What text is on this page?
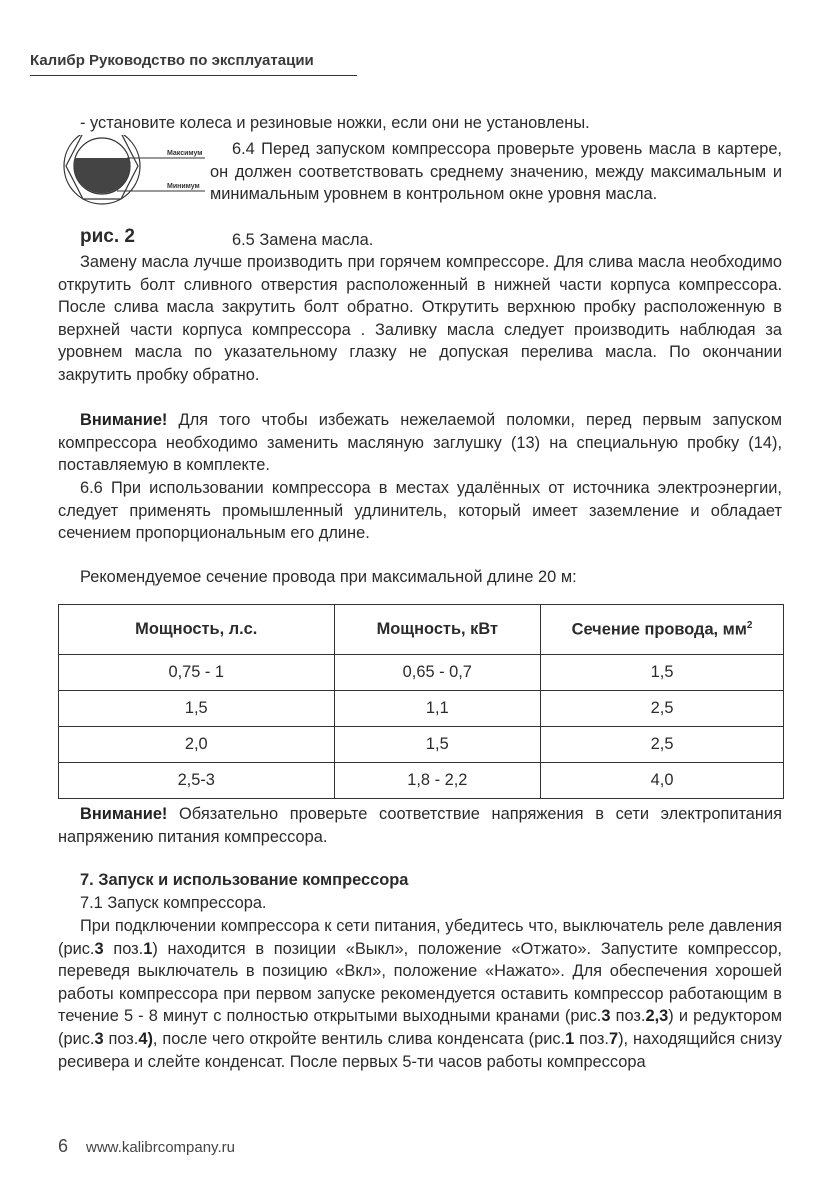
Калибр Руководство по эксплуатации
- установите колеса и резиновые ножки, если они не установлены.
Максимум
Минимум
рис. 2
6.4 Перед запуском компрессора проверьте уровень масла в картере, он должен соответствовать среднему значению, между максимальным и минимальным уровнем в контрольном окне уровня масла.
6.5 Замена масла.
Замену масла лучше производить при горячем компрессоре. Для слива масла необходимо открутить болт сливного отверстия расположенный в нижней части корпуса компрессора. После слива масла закрутить болт обратно. Открутить верхнюю пробку расположенную в верхней части корпуса компрессора . Заливку масла следует производить наблюдая за уровнем масла по указательному глазку не допуская перелива масла. По окончании закрутить пробку обратно.
Внимание! Для того чтобы избежать нежелаемой поломки, перед первым запуском компрессора необходимо заменить масляную заглушку (13) на специальную пробку (14), поставляемую в комплекте.
6.6 При использовании компрессора в местах удалённых от источника электроэнергии, следует применять промышленный удлинитель, который имеет заземление и обладает сечением пропорциональным его длине.
Рекомендуемое сечение провода при максимальной длине 20 м:
Мощность, л.с.	Мощность, кВт	Сечение провода, $мм^2$
0,75 - 1	0,65 - 0,7	1,5
1,5	1,1	2,5
2,0	1,5	2,5
2,5-3	1,8 - 2,2	4,0
Внимание! Обязательно проверьте соответствие напряжения в сети электропитания напряжению питания компрессора.
7. Запуск и использование компрессора
7.1 Запуск компрессора.
При подключении компрессора к сети питания, убедитесь что, выключатель реле давления (рис.3 поз.1) находится в позиции «Выкл», положение «Отжато». Запустите компрессор, переведя выключатель в позицию «Вкл», положение «Нажато». Для обеспечения хорошей работы компрессора при первом запуске рекомендуется оставить компрессор работающим в течение 5 - 8 минут с полностью открытыми выходными кранами (рис.3 поз.2,3) и редуктором (рис.3 поз.4), после чего откройте вентиль слива конденсата (рис.1 поз.7), находящийся снизу ресивера и слейте конденсат. После первых 5-ти часов работы компрессора
6 www.kalibrcompany.ru
